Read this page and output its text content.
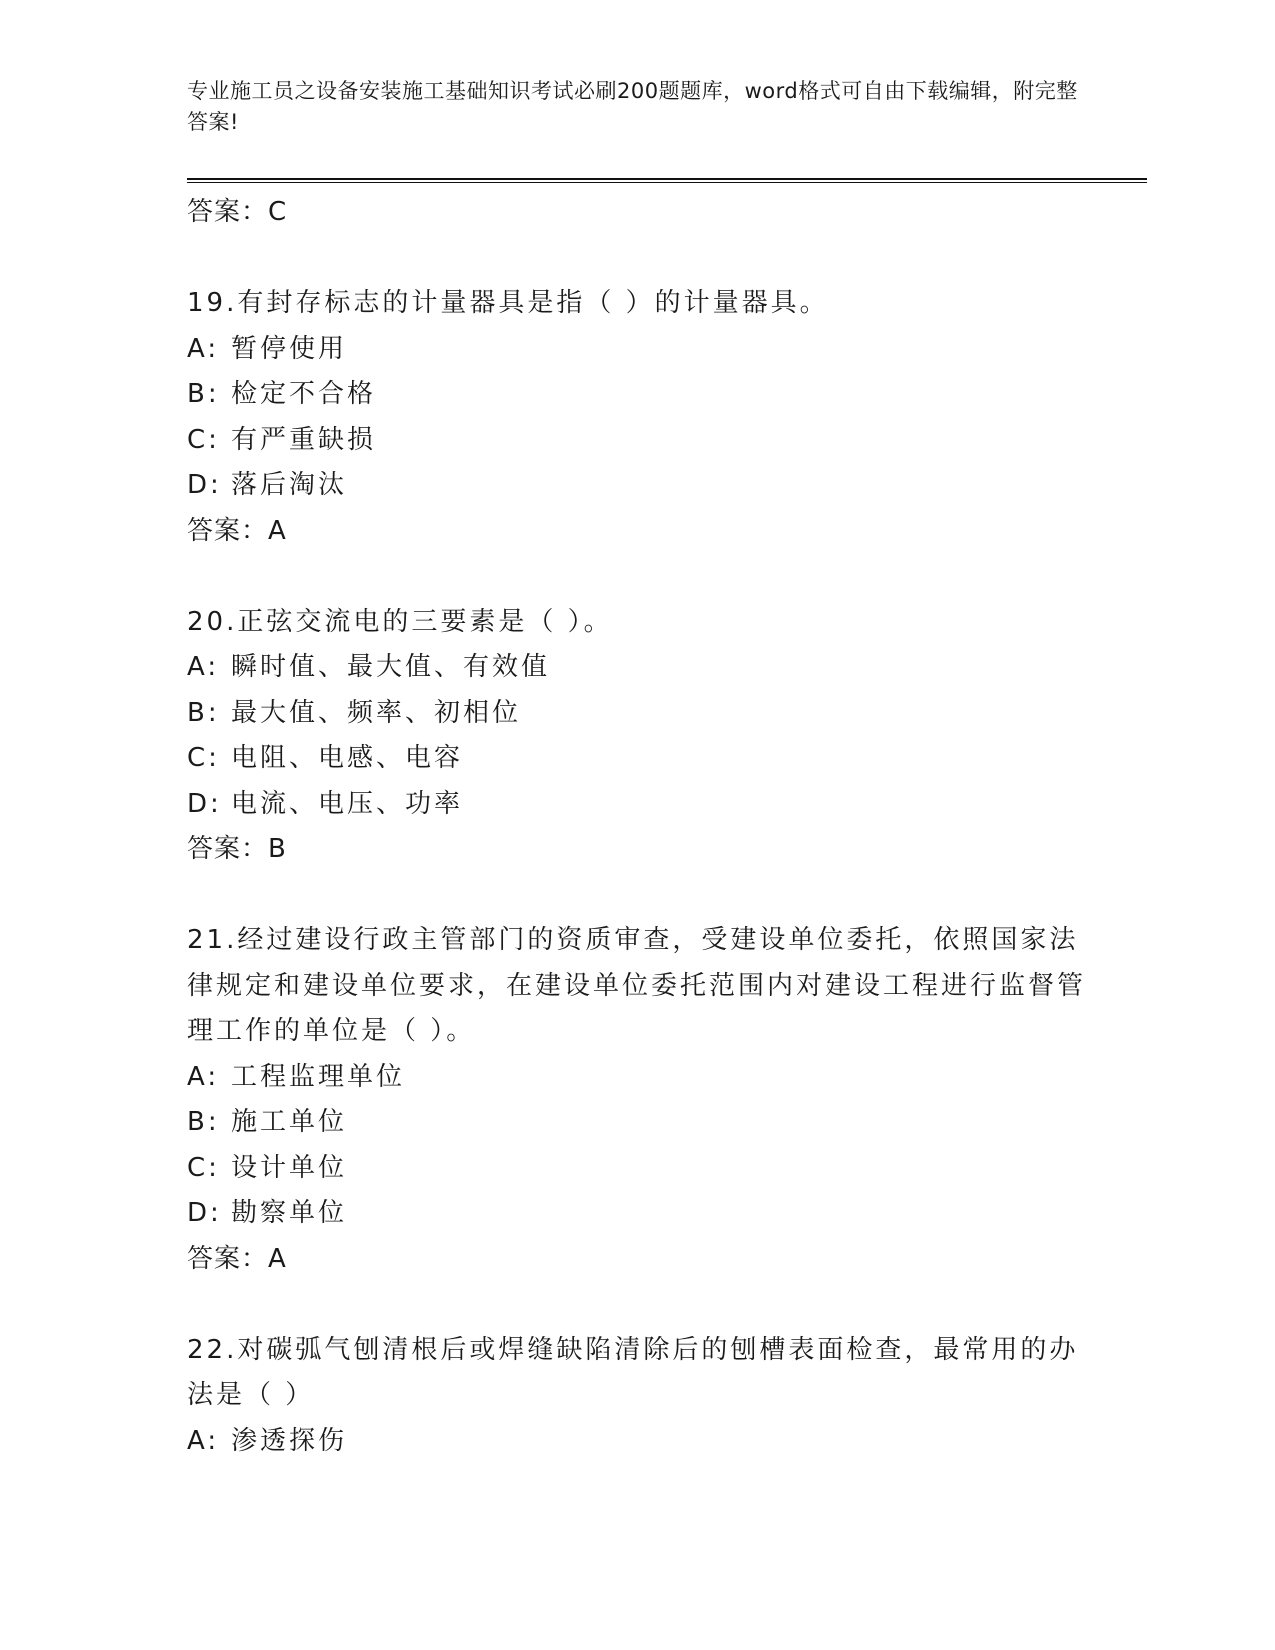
专业施工员之设备安装施工基础知识考试必刷200题题库，word格式可自由下载编辑，附完整答案!
答案：C
19.有封存标志的计量器具是指（ ）的计量器具。
A: 暂停使用
B: 检定不合格
C: 有严重缺损
D: 落后淘汰
答案：A
20.正弦交流电的三要素是（ ）。
A: 瞬时值、最大值、有效值
B: 最大值、频率、初相位
C: 电阻、电感、电容
D: 电流、电压、功率
答案：B
21.经过建设行政主管部门的资质审查，受建设单位委托，依照国家法律规定和建设单位要求，在建设单位委托范围内对建设工程进行监督管理工作的单位是（ ）。
A: 工程监理单位
B: 施工单位
C: 设计单位
D: 勘察单位
答案：A
22.对碳弧气刨清根后或焊缝缺陷清除后的刨槽表面检查，最常用的办法是（ ）
A: 渗透探伤
